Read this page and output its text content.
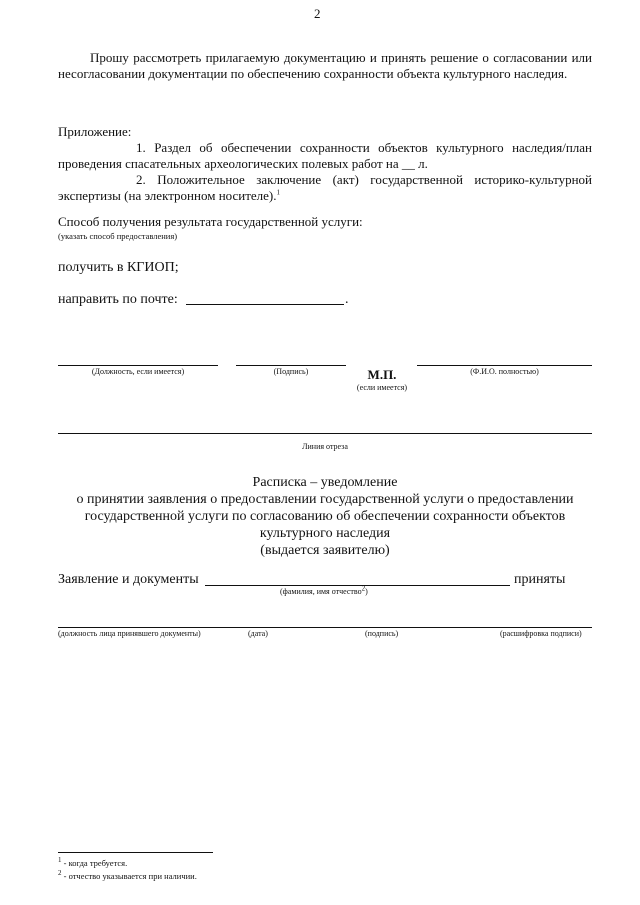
2
Прошу рассмотреть прилагаемую документацию и принять решение о согласовании или несогласовании документации по обеспечению сохранности объекта культурного наследия.
Приложение:
1. Раздел об обеспечении сохранности объектов культурного наследия/план проведения спасательных археологических полевых работ на __ л.
2. Положительное заключение (акт) государственной историко-культурной экспертизы (на электронном носителе).$^1$
Способ получения результата государственной услуги:
(указать способ предоставления)
получить в КГИОП;
направить по почте:	.
(Должность, если имеется)	(Подпись)	М.П.
(если имеется)
(Ф.И.О. полностью)
Линия отреза
Расписка – уведомление
о принятии заявления о предоставлении государственной услуги о предоставлении
государственной услуги по согласованию об обеспечении сохранности объектов
культурного наследия
(выдается заявителю)
Заявление и документы	приняты
(фамилия, имя отчество$^2$)
(должность лица принявшего документы)	(дата)	(подпись)	(расшифровка подписи)
$^1$ - когда требуется.
$^2$ - отчество указывается при наличии.
